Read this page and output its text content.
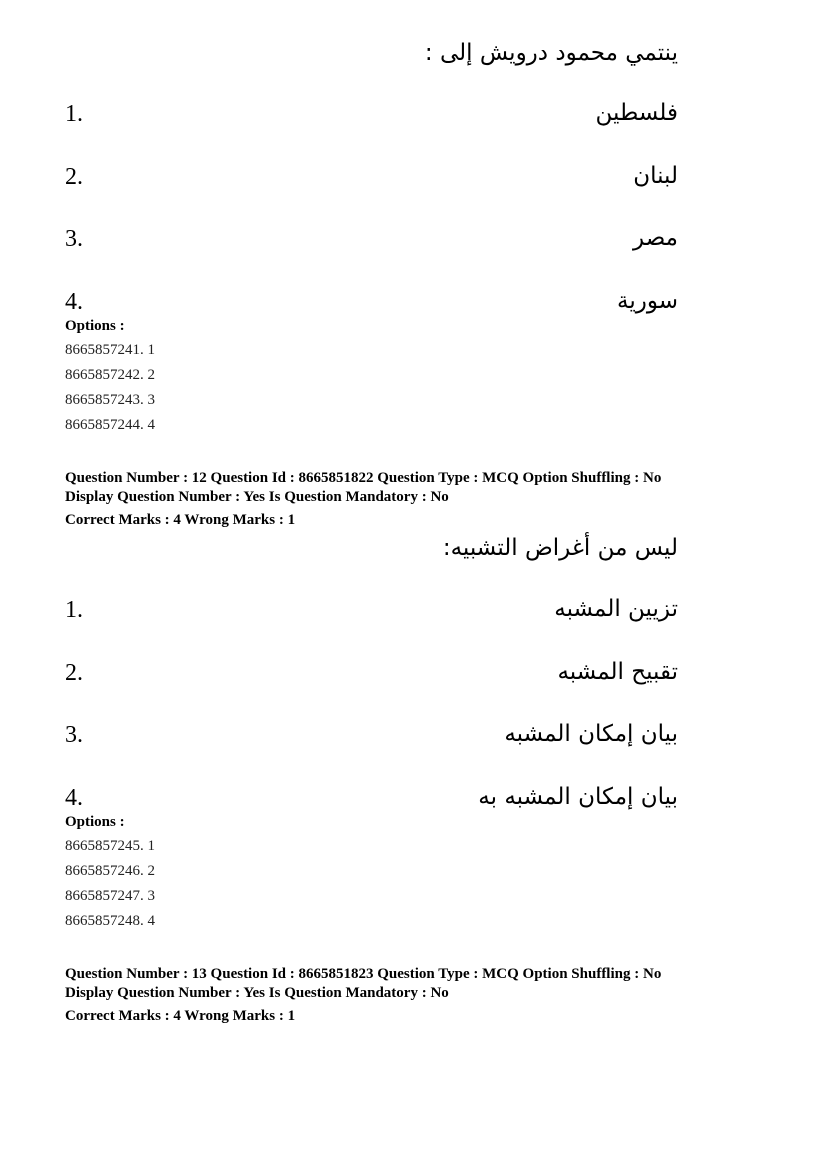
ينتمي محمود درويش إلى :
1.	فلسطين
2.	لبنان
3.	مصر
4.	سورية
Options :
8665857241. 1
8665857242. 2
8665857243. 3
8665857244. 4
Question Number : 12 Question Id : 8665851822 Question Type : MCQ Option Shuffling : No
Display Question Number : Yes Is Question Mandatory : No
Correct Marks : 4 Wrong Marks : 1
ليس من أغراض التشبيه:
1.	تزيين المشبه
2.	تقبيح المشبه
3.	بيان إمكان المشبه
4.	بيان إمكان المشبه به
Options :
8665857245. 1
8665857246. 2
8665857247. 3
8665857248. 4
Question Number : 13 Question Id : 8665851823 Question Type : MCQ Option Shuffling : No
Display Question Number : Yes Is Question Mandatory : No
Correct Marks : 4 Wrong Marks : 1
